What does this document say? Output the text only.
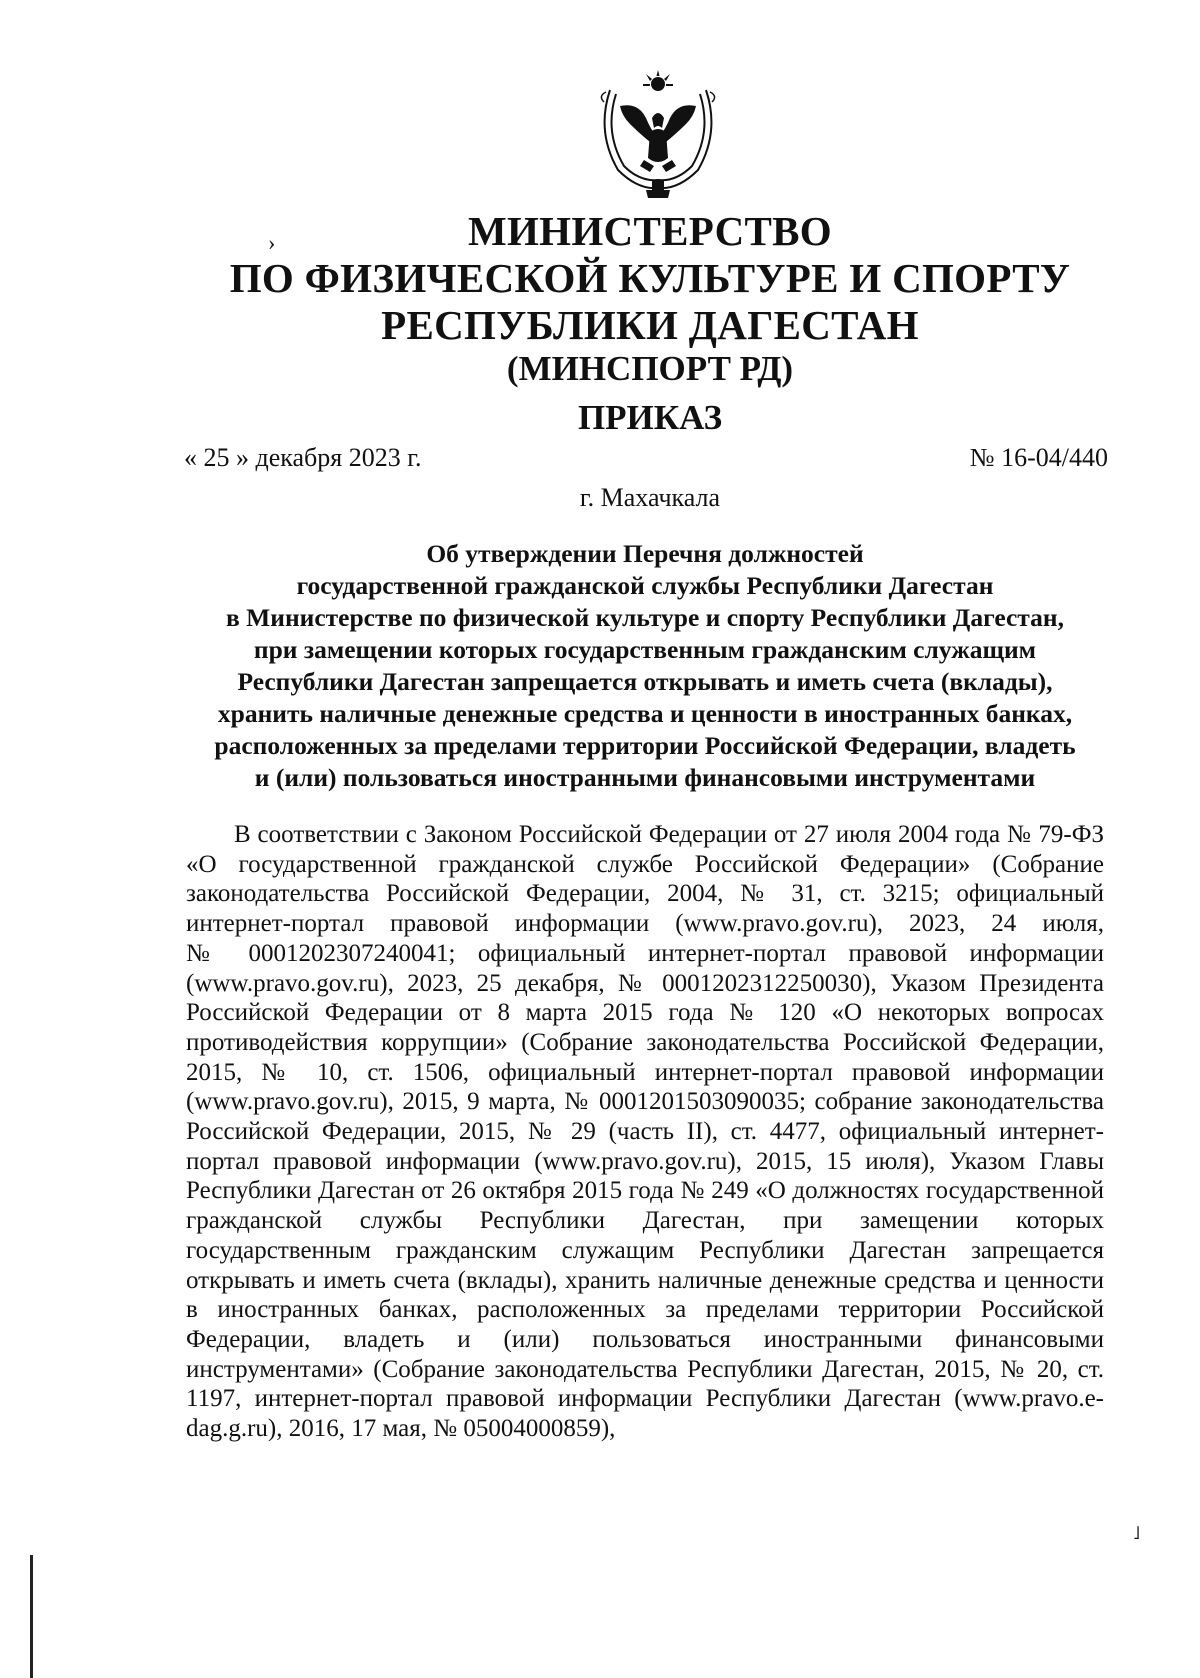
›	МИНИСТЕРСТВО
ПО ФИЗИЧЕСКОЙ КУЛЬТУРЕ И СПОРТУ
РЕСПУБЛИКИ ДАГЕСТАН
(МИНСПОРТ РД)
ПРИКАЗ
« 25 » декабря 2023 г.	№ 16-04/440
г. Махачкала
Об утверждении Перечня должностей
государственной гражданской службы Республики Дагестан
в Министерстве по физической культуре и спорту Республики Дагестан,
при замещении которых государственным гражданским служащим
Республики Дагестан запрещается открывать и иметь счета (вклады),
хранить наличные денежные средства и ценности в иностранных банках,
расположенных за пределами территории Российской Федерации, владеть
и (или) пользоваться иностранными финансовыми инструментами
В соответствии с Законом Российской Федерации от 27 июля 2004 года № 79-ФЗ «О государственной гражданской службе Российской Федерации» (Собрание законодательства Российской Федерации, 2004, № 31, ст. 3215; официальный интернет-портал правовой информации (www.pravo.gov.ru), 2023, 24 июля, № 0001202307240041; официальный интернет-портал правовой информации (www.pravo.gov.ru), 2023, 25 декабря, № 0001202312250030), Указом Президента Российской Федерации от 8 марта 2015 года № 120 «О некоторых вопросах противодействия коррупции» (Собрание законодательства Российской Федерации, 2015, № 10, ст. 1506, официальный интернет-портал правовой информации (www.pravo.gov.ru), 2015, 9 марта, № 0001201503090035; собрание законодательства Российской Федерации, 2015, № 29 (часть II), ст. 4477, официальный интернет-портал правовой информации (www.pravo.gov.ru), 2015, 15 июля), Указом Главы Республики Дагестан от 26 октября 2015 года № 249 «О должностях государственной гражданской службы Республики Дагестан, при замещении которых государственным гражданским служащим Республики Дагестан запрещается открывать и иметь счета (вклады), хранить наличные денежные средства и ценности в иностранных банках, расположенных за пределами территории Российской Федерации, владеть и (или) пользоваться иностранными финансовыми инструментами» (Собрание законодательства Республики Дагестан, 2015, № 20, ст. 1197, интернет-портал правовой информации Республики Дагестан (www.pravo.e-dag.g.ru), 2016, 17 мая, № 05004000859),
˩
